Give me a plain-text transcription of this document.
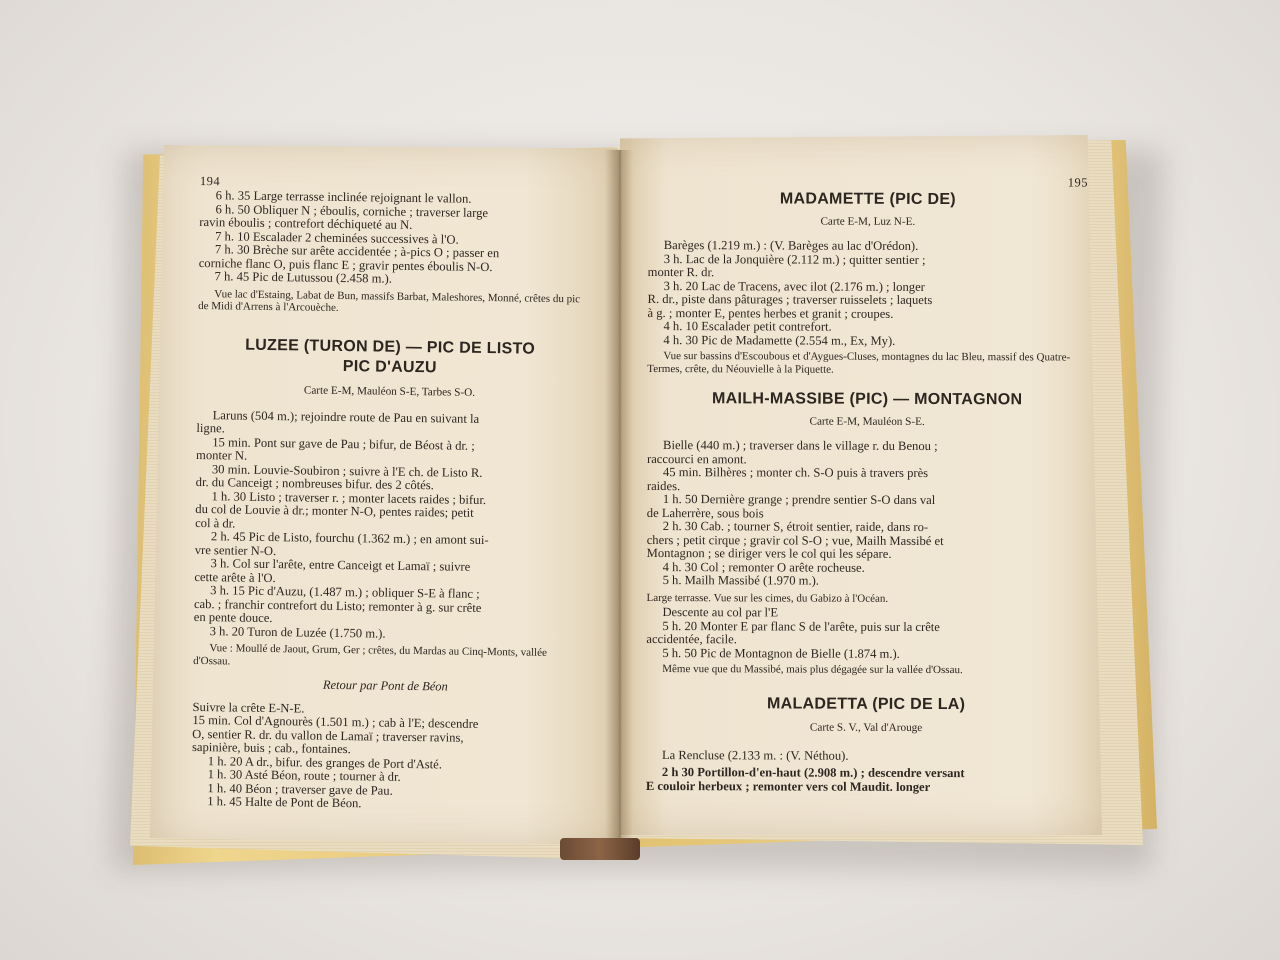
194

6 h. 35 Large terrasse inclinée rejoignant le vallon.

6 h. 50 Obliquer N ; éboulis, corniche ; traverser large

ravin éboulis ; contrefort déchiqueté au N.

7 h. 10 Escalader 2 cheminées successives à l'O.

7 h. 30 Brèche sur arête accidentée ; à-pics O ; passer en

corniche flanc O, puis flanc E ; gravir pentes éboulis N-O.

7 h. 45 Pic de Lutussou (2.458 m.).

Vue lac d'Estaing, Labat de Bun, massifs Barbat, Maleshores, Monné, crêtes du pic de Midi d'Arrens à l'Arcouèche.

LUZEE (TURON DE) — PIC DE LISTO

PIC D'AUZU

Carte E-M, Mauléon S-E, Tarbes S-O.

Laruns (504 m.); rejoindre route de Pau en suivant la

ligne.

15 min. Pont sur gave de Pau ; bifur, de Béost à dr. ;

monter N.

30 min. Louvie-Soubiron ; suivre à l'E ch. de Listo R.

dr. du Canceigt ; nombreuses bifur. des 2 côtés.

1 h. 30 Listo ; traverser r. ; monter lacets raides ; bifur.

du col de Louvie à dr.; monter N-O, pentes raides; petit

col à dr.

2 h. 45 Pic de Listo, fourchu (1.362 m.) ; en amont sui-

vre sentier N-O.

3 h. Col sur l'arête, entre Canceigt et Lamaï ; suivre

cette arête à l'O.

3 h. 15 Pic d'Auzu, (1.487 m.) ; obliquer S-E à flanc ;

cab. ; franchir contrefort du Listo; remonter à g. sur crête

en pente douce.

3 h. 20 Turon de Luzée (1.750 m.).

Vue : Moullé de Jaout, Grum, Ger ; crêtes, du Mardas au Cinq-Monts, vallée d'Ossau.

Retour par Pont de Béon

Suivre la crête E-N-E.

15 min. Col d'Agnourès (1.501 m.) ; cab à l'E; descendre

O, sentier R. dr. du vallon de Lamaï ; traverser ravins,

sapinière, buis ; cab., fontaines.

1 h. 20 A dr., bifur. des granges de Port d'Asté.

1 h. 30 Asté Béon, route ; tourner à dr.

1 h. 40 Béon ; traverser gave de Pau.

1 h. 45 Halte de Pont de Béon.

195

MADAMETTE (PIC DE)

Carte E-M, Luz N-E.

Barèges (1.219 m.) : (V. Barèges au lac d'Orédon).

3 h. Lac de la Jonquière (2.112 m.) ; quitter sentier ;

monter R. dr.

3 h. 20 Lac de Tracens, avec ilot (2.176 m.) ; longer

R. dr., piste dans pâturages ; traverser ruisselets ; laquets

à g. ; monter E, pentes herbes et granit ; croupes.

4 h. 10 Escalader petit contrefort.

4 h. 30 Pic de Madamette (2.554 m., Ex, My).

Vue sur bassins d'Escoubous et d'Aygues-Cluses, montagnes du lac Bleu, massif des Quatre-Termes, crête, du Néouvielle à la Piquette.

MAILH-MASSIBE (PIC) — MONTAGNON

Carte E-M, Mauléon S-E.

Bielle (440 m.) ; traverser dans le village r. du Benou ;

raccourci en amont.

45 min. Bilhères ; monter ch. S-O puis à travers près

raides.

1 h. 50 Dernière grange ; prendre sentier S-O dans val

de Laherrère, sous bois

2 h. 30 Cab. ; tourner S, étroit sentier, raide, dans ro-

chers ; petit cirque ; gravir col S-O ; vue, Mailh Massibé et

Montagnon ; se diriger vers le col qui les sépare.

4 h. 30 Col ; remonter O arête rocheuse.

5 h. Mailh Massibé (1.970 m.).

Large terrasse. Vue sur les cimes, du Gabizo à l'Océan.

Descente au col par l'E

5 h. 20 Monter E par flanc S de l'arête, puis sur la crête

accidentée, facile.

5 h. 50 Pic de Montagnon de Bielle (1.874 m.).

Même vue que du Massibé, mais plus dégagée sur la vallée d'Ossau.

MALADETTA (PIC DE LA)

Carte S. V., Val d'Arouge

La Rencluse (2.133 m. : (V. Néthou).

2 h 30 Portillon-d'en-haut (2.908 m.) ; descendre versant

E couloir herbeux ; remonter vers col Maudit. longer
